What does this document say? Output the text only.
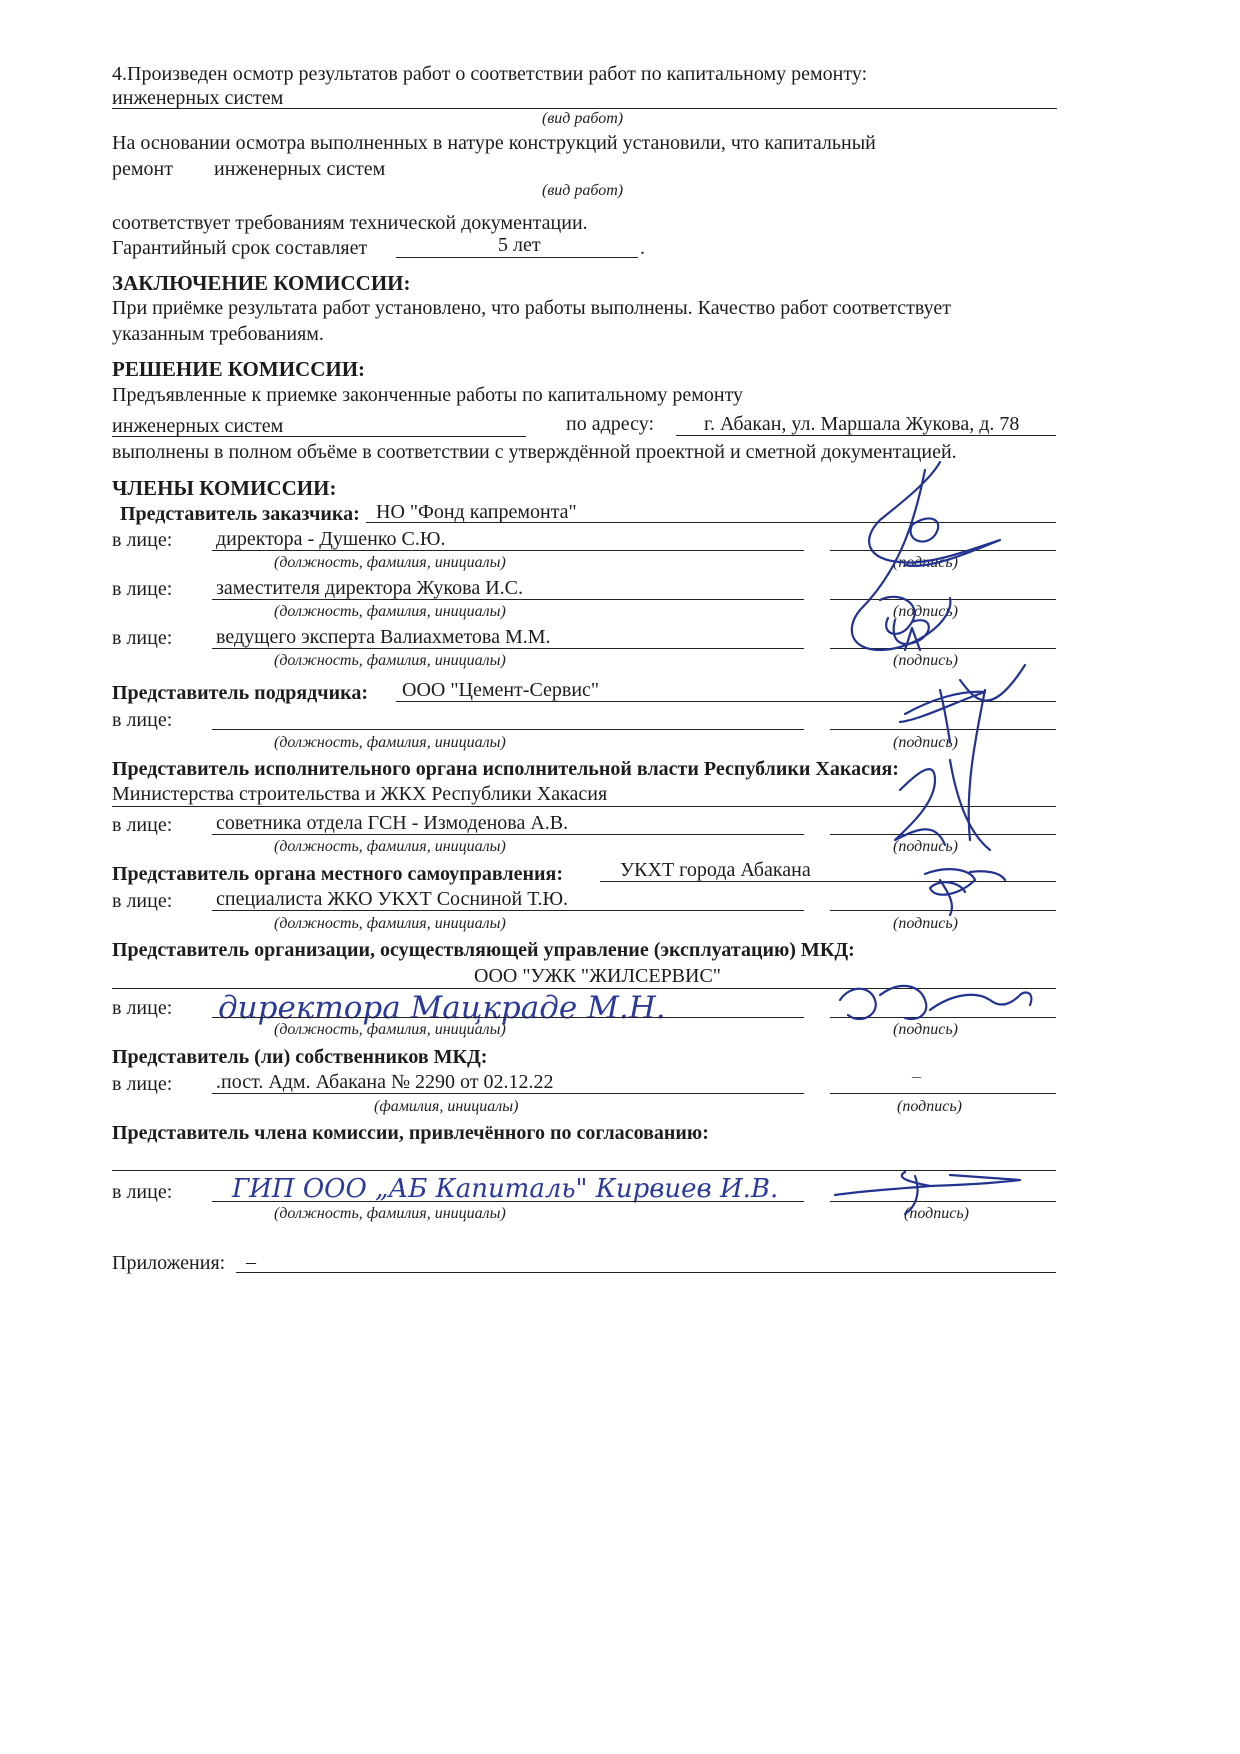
4.Произведен осмотр результатов работ о соответствии работ по капитальному ремонту:
инженерных систем
(вид работ)
На основании осмотра выполненных в натуре конструкций установили, что капитальный
ремонт инженерных систем
(вид работ)
соответствует требованиям технической документации.
Гарантийный срок составляет	5 лет	.
ЗАКЛЮЧЕНИЕ КОМИССИИ:
При приёмке результата работ установлено, что работы выполнены. Качество работ соответствует
указанным требованиям.
РЕШЕНИЕ КОМИССИИ:
Предъявленные к приемке законченные работы по капитальному ремонту
инженерных систем	по адресу: г. Абакан, ул. Маршала Жукова, д. 78
выполнены в полном объёме в соответствии с утверждённой проектной и сметной документацией.
ЧЛЕНЫ КОМИССИИ:
Представитель заказчика: НО "Фонд капремонта"
в лице: директора - Душенко С.Ю.
(должность, фамилия, инициалы)	(подпись)
в лице: заместителя директора Жукова И.С.
(должность, фамилия, инициалы)	(подпись)
в лице: ведущего эксперта Валиахметова М.М.
(должность, фамилия, инициалы)	(подпись)
Представитель подрядчика: ООО "Цемент-Сервис"
в лице:
(должность, фамилия, инициалы)	(подпись)
Представитель исполнительного органа исполнительной власти Республики Хакасия:
Министерства строительства и ЖКХ Республики Хакасия
в лице: советника отдела ГСН - Измоденова А.В.
(должность, фамилия, инициалы)	(подпись)
Представитель органа местного самоуправления:	УКХТ города Абакана
в лице: специалиста ЖКО УКХТ Сосниной Т.Ю.
(должность, фамилия, инициалы)	(подпись)
Представитель организации, осуществляющей управление (эксплуатацию) МКД:
ООО "УЖК "ЖИЛСЕРВИС"
в лице: директора Мацкраде М.Н.
(должность, фамилия, инициалы)	(подпись)
Представитель (ли) собственников МКД:
в лице: .пост. Адм. Абакана № 2290 от 02.12.22	–
(фамилия, инициалы)	(подпись)
Представитель члена комиссии, привлечённого по согласованию:
в лице: ГИП ООО „АБ Капиталь" Кирвиев И.В.
(должность, фамилия, инициалы)	(подпись)
Приложения: –
